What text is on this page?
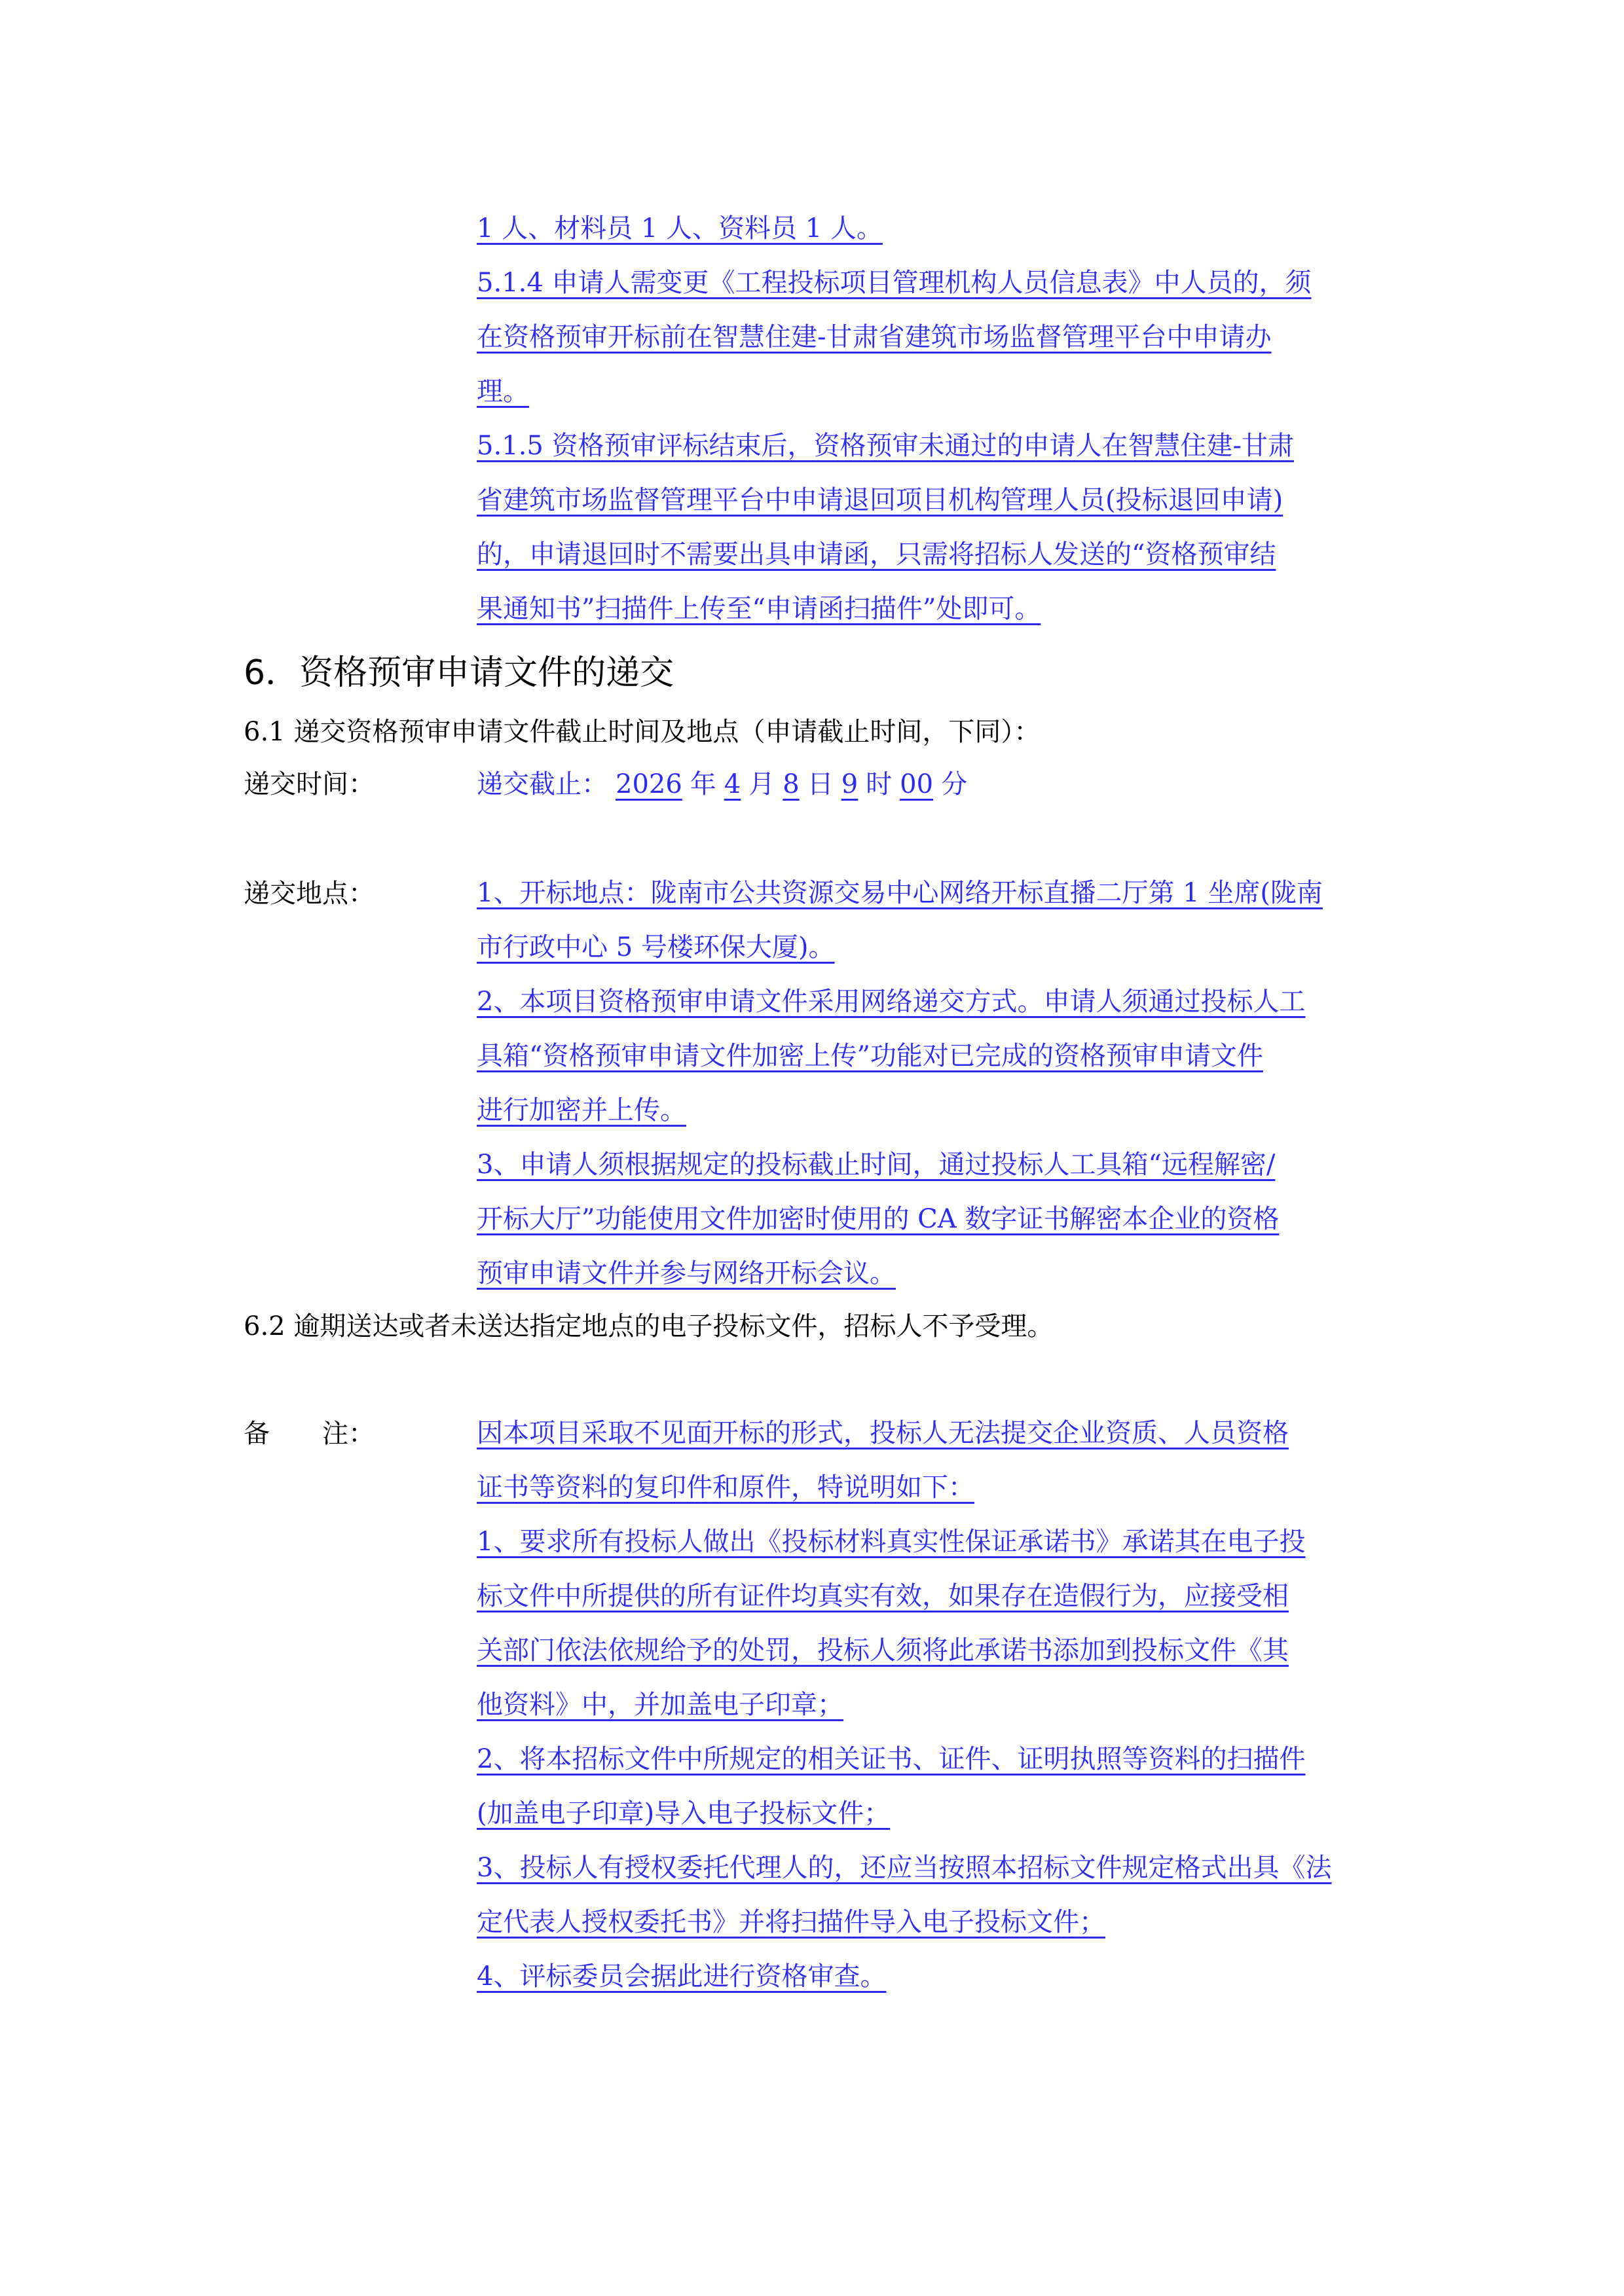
1 人、材料员 1 人、资料员 1 人。
5.1.4 申请人需变更《工程投标项目管理机构人员信息表》中人员的，须
在资格预审开标前在智慧住建-甘肃省建筑市场监督管理平台中申请办
理。
5.1.5 资格预审评标结束后，资格预审未通过的申请人在智慧住建-甘肃
省建筑市场监督管理平台中申请退回项目机构管理人员(投标退回申请)
的，申请退回时不需要出具申请函，只需将招标人发送的“资格预审结
果通知书”扫描件上传至“申请函扫描件”处即可。
6．资格预审申请文件的递交
6.1 递交资格预审申请文件截止时间及地点（申请截止时间，下同）：
递交时间：	递交截止： 2026 年 4 月 8 日 9 时 00 分
递交地点：	1、开标地点：陇南市公共资源交易中心网络开标直播二厅第 1 坐席(陇南
市行政中心 5 号楼环保大厦)。
2、本项目资格预审申请文件采用网络递交方式。申请人须通过投标人工
具箱“资格预审申请文件加密上传”功能对已完成的资格预审申请文件
进行加密并上传。
3、申请人须根据规定的投标截止时间，通过投标人工具箱“远程解密/
开标大厅”功能使用文件加密时使用的 CA 数字证书解密本企业的资格
预审申请文件并参与网络开标会议。
6.2 逾期送达或者未送达指定地点的电子投标文件，招标人不予受理。
备　　注：	因本项目采取不见面开标的形式，投标人无法提交企业资质、人员资格
证书等资料的复印件和原件，特说明如下：
1、要求所有投标人做出《投标材料真实性保证承诺书》承诺其在电子投
标文件中所提供的所有证件均真实有效，如果存在造假行为，应接受相
关部门依法依规给予的处罚，投标人须将此承诺书添加到投标文件《其
他资料》中，并加盖电子印章；
2、将本招标文件中所规定的相关证书、证件、证明执照等资料的扫描件
(加盖电子印章)导入电子投标文件；
3、投标人有授权委托代理人的，还应当按照本招标文件规定格式出具《法
定代表人授权委托书》并将扫描件导入电子投标文件；
4、评标委员会据此进行资格审查。
